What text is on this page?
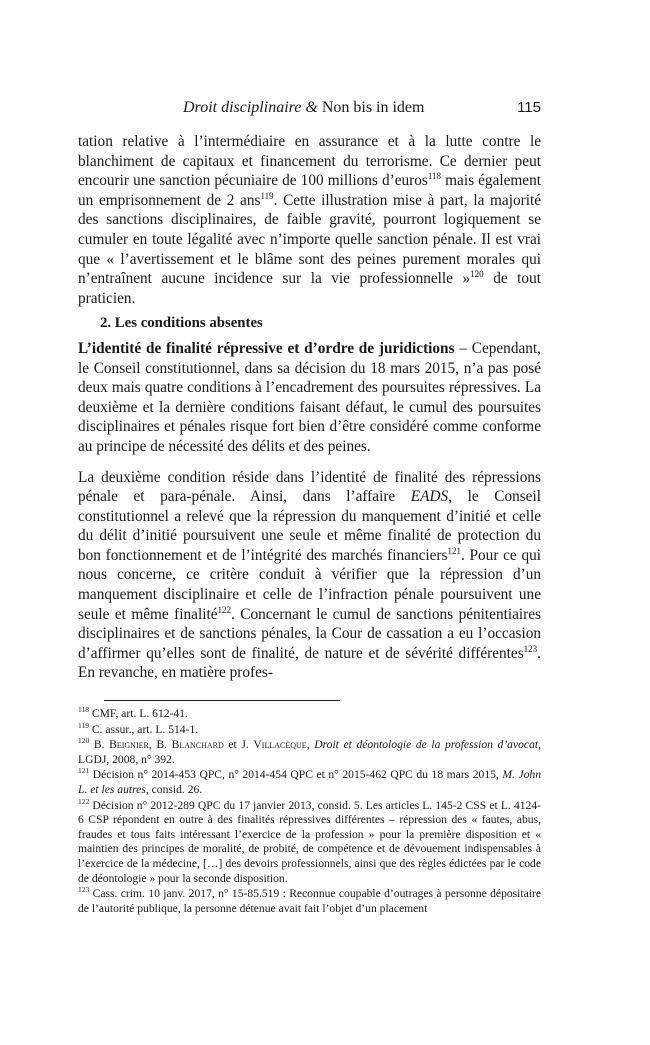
Droit disciplinaire & Non bis in idem	115

tation relative à l’intermédiaire en assurance et à la lutte contre le blanchiment de capitaux et financement du terrorisme. Ce dernier peut encourir une sanction pécuniaire de 100 millions d’euros$^{118}$ mais également un emprisonnement de 2 ans$^{119}$. Cette illustration mise à part, la majorité des sanctions disciplinaires, de faible gravité, pourront logiquement se cumuler en toute légalité avec n’importe quelle sanction pénale. Il est vrai que « l’avertissement et le blâme sont des peines purement morales qui n’entraînent aucune incidence sur la vie professionnelle »$^{120}$ de tout praticien.

2. Les conditions absentes

L’identité de finalité répressive et d’ordre de juridictions – Cependant, le Conseil constitutionnel, dans sa décision du 18 mars 2015, n’a pas posé deux mais quatre conditions à l’encadrement des poursuites répressives. La deuxième et la dernière conditions faisant défaut, le cumul des poursuites disciplinaires et pénales risque fort bien d’être considéré comme conforme au principe de nécessité des délits et des peines.

La deuxième condition réside dans l’identité de finalité des répressions pénale et para-pénale. Ainsi, dans l’affaire EADS, le Conseil constitutionnel a relevé que la répression du manquement d’initié et celle du délit d’initié poursuivent une seule et même finalité de protection du bon fonctionnement et de l’intégrité des marchés financiers$^{121}$. Pour ce qui nous concerne, ce critère conduit à vérifier que la répression d’un manquement disciplinaire et celle de l’infraction pénale poursuivent une seule et même finalité$^{122}$. Concernant le cumul de sanctions pénitentiaires disciplinaires et de sanctions pénales, la Cour de cassation a eu l’occasion d’affirmer qu’elles sont de finalité, de nature et de sévérité différentes$^{123}$. En revanche, en matière profes-

$^{118}$ CMF, art. L. 612-41.

$^{119}$ C. assur., art. L. 514-1.

$^{120}$ B. Beignier, B. Blanchard et J. Villacèque, Droit et déontologie de la profession d’avocat, LGDJ, 2008, n° 392.

$^{121}$ Décision n° 2014-453 QPC, n° 2014-454 QPC et n° 2015-462 QPC du 18 mars 2015, M. John L. et les autres, consid. 26.

$^{122}$ Décision n° 2012-289 QPC du 17 janvier 2013, consid. 5. Les articles L. 145-2 CSS et L. 4124-6 CSP répondent en outre à des finalités répressives différentes – répression des « fautes, abus, fraudes et tous faits intéressant l’exercice de la profession » pour la première disposition et « maintien des principes de moralité, de probité, de compétence et de dévouement indispensables à l’exercice de la médecine, […] des devoirs professionnels, ainsi que des règles édictées par le code de déontologie » pour la seconde disposition.

$^{123}$ Cass. crim. 10 janv. 2017, n° 15-85.519 : Reconnue coupable d’outrages à personne dépositaire de l’autorité publique, la personne détenue avait fait l’objet d’un placement
